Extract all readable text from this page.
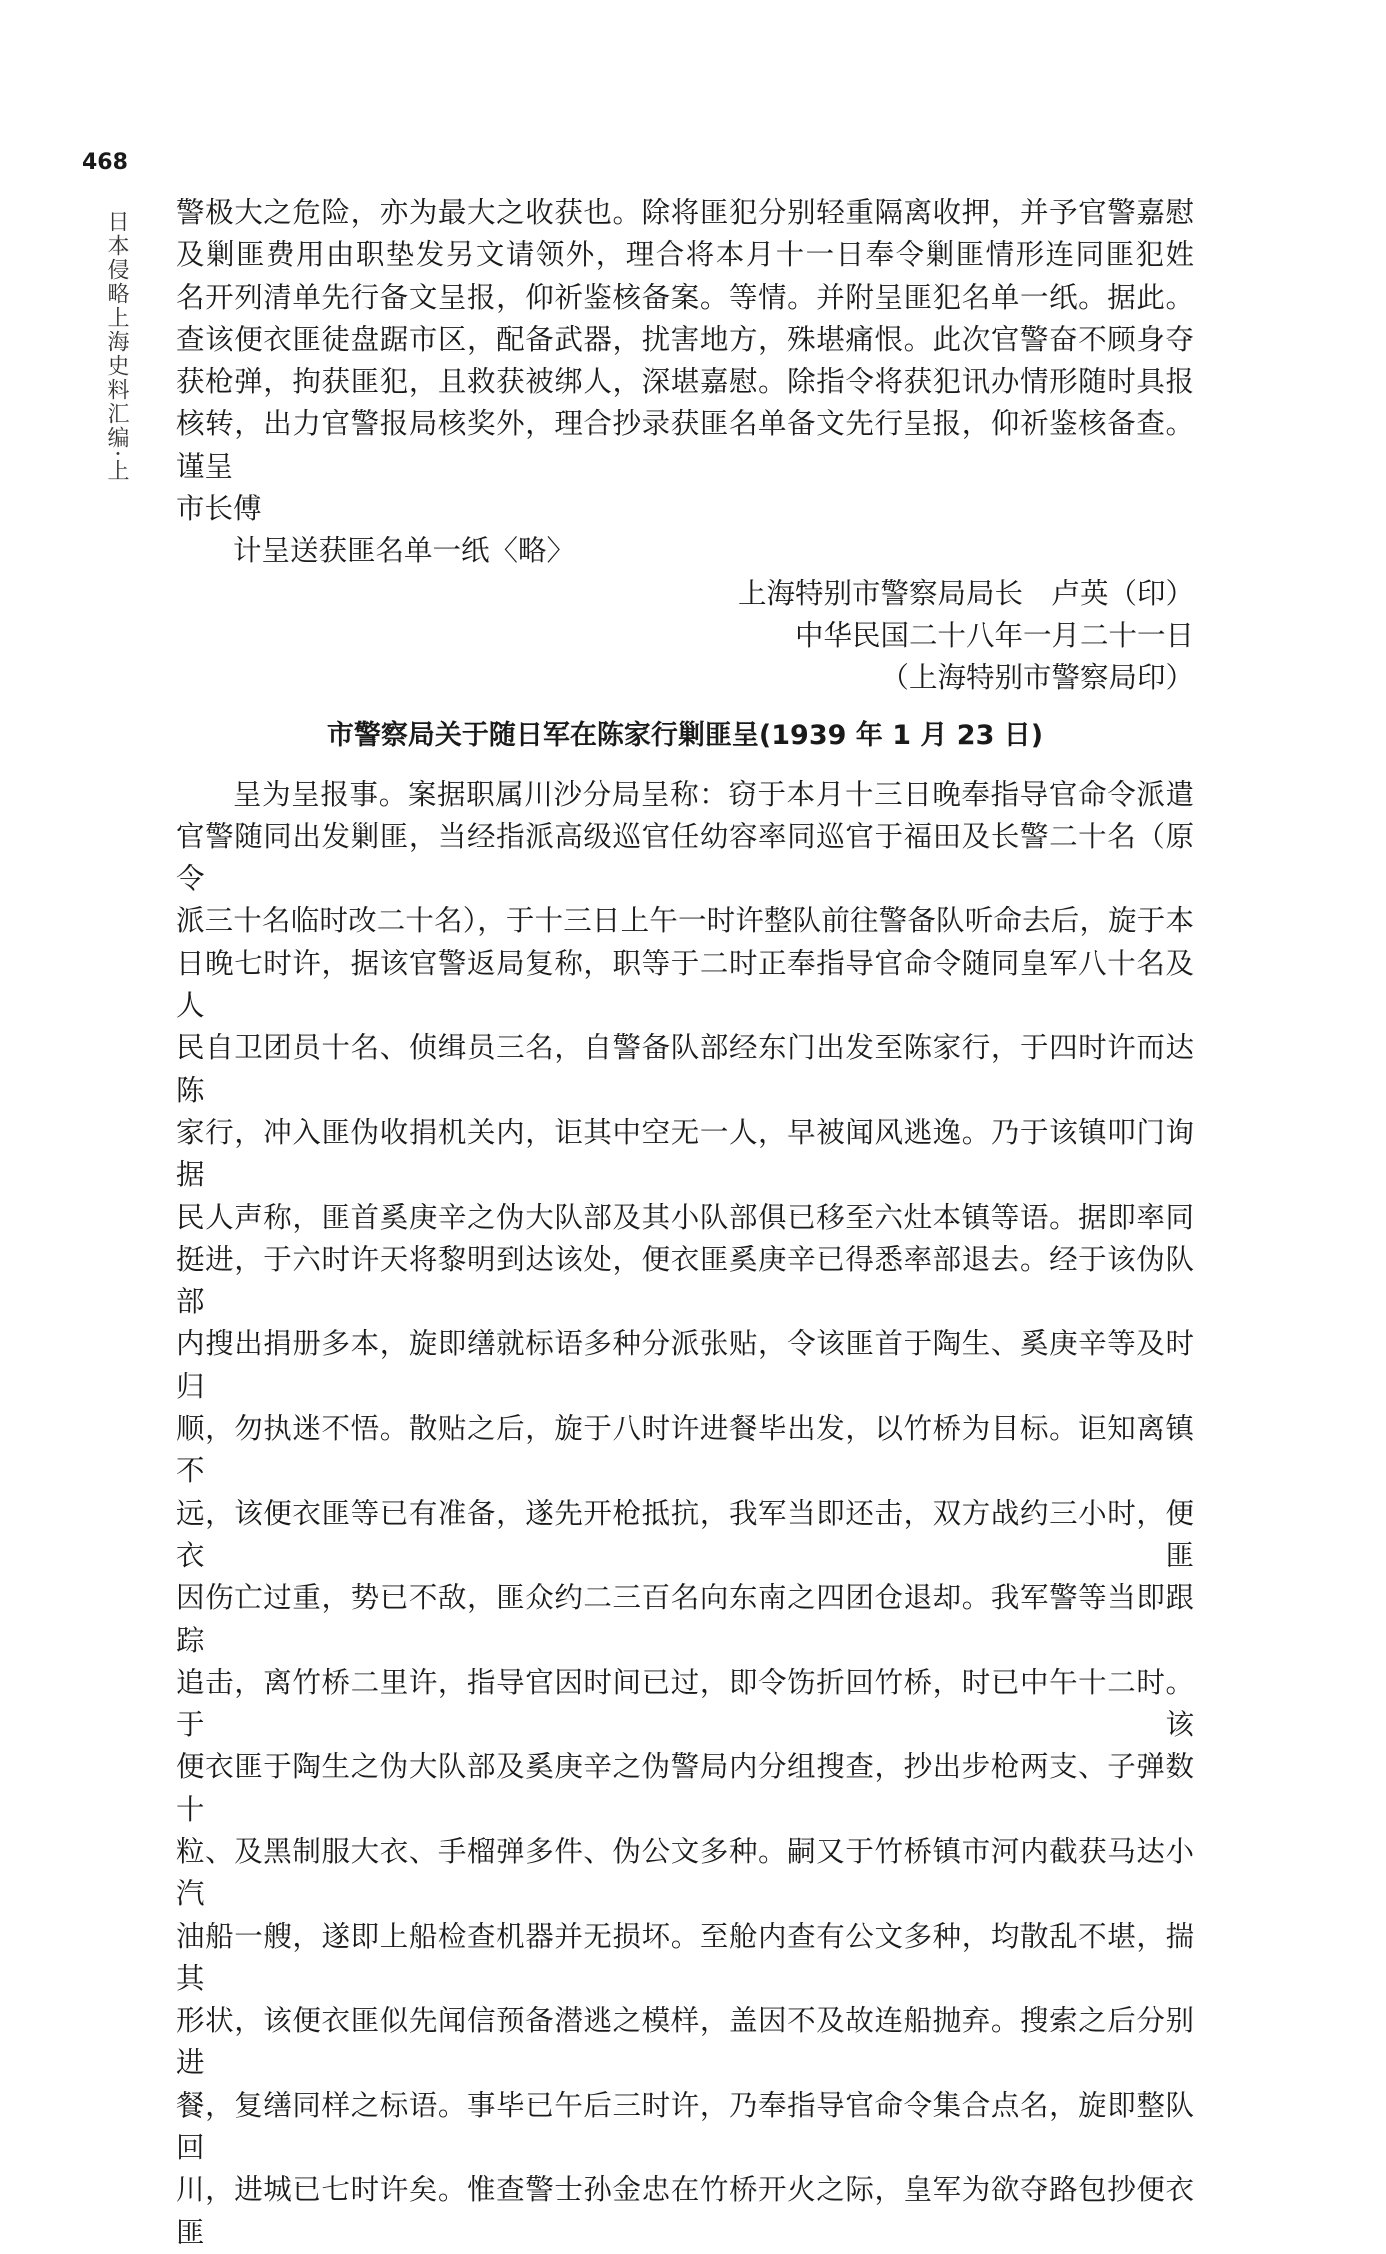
468
日本侵略上海史料汇编·上 警极大之危险，亦为最大之收获也。除将匪犯分别轻重隔离收押，并予官警嘉慰

及剿匪费用由职垫发另文请领外，理合将本月十一日奉令剿匪情形连同匪犯姓

名开列清单先行备文呈报，仰祈鉴核备案。等情。并附呈匪犯名单一纸。据此。

查该便衣匪徒盘踞市区，配备武器，扰害地方，殊堪痛恨。此次官警奋不顾身夺

获枪弹，拘获匪犯，且救获被绑人，深堪嘉慰。除指令将获犯讯办情形随时具报

核转，出力官警报局核奖外，理合抄录获匪名单备文先行呈报，仰祈鉴核备查。

谨呈

市长傅

计呈送获匪名单一纸〈略〉

上海特别市警察局局长　卢英（印）

中华民国二十八年一月二十一日

（上海特别市警察局印）

市警察局关于随日军在陈家行剿匪呈(1939 年 1 月 23 日)

呈为呈报事。案据职属川沙分局呈称：窃于本月十三日晚奉指导官命令派遣

官警随同出发剿匪，当经指派高级巡官任幼容率同巡官于福田及长警二十名（原令

派三十名临时改二十名），于十三日上午一时许整队前往警备队听命去后，旋于本

日晚七时许，据该官警返局复称，职等于二时正奉指导官命令随同皇军八十名及人

民自卫团员十名、侦缉员三名，自警备队部经东门出发至陈家行，于四时许而达陈

家行，冲入匪伪收捐机关内，讵其中空无一人，早被闻风逃逸。乃于该镇叩门询据

民人声称，匪首奚庚辛之伪大队部及其小队部俱已移至六灶本镇等语。据即率同

挺进，于六时许天将黎明到达该处，便衣匪奚庚辛已得悉率部退去。经于该伪队部

内搜出捐册多本，旋即缮就标语多种分派张贴，令该匪首于陶生、奚庚辛等及时归

顺，勿执迷不悟。散贴之后，旋于八时许进餐毕出发，以竹桥为目标。讵知离镇不

远，该便衣匪等已有准备，遂先开枪抵抗，我军当即还击，双方战约三小时，便衣匪

因伤亡过重，势已不敌，匪众约二三百名向东南之四团仓退却。我军警等当即跟踪

追击，离竹桥二里许，指导官因时间已过，即令饬折回竹桥，时已中午十二时。于该

便衣匪于陶生之伪大队部及奚庚辛之伪警局内分组搜查，抄出步枪两支、子弹数十

粒、及黑制服大衣、手榴弹多件、伪公文多种。嗣又于竹桥镇市河内截获马达小汽

油船一艘，遂即上船检查机器并无损坏。至舱内查有公文多种，均散乱不堪，揣其

形状，该便衣匪似先闻信预备潜逃之模样，盖因不及故连船抛弃。搜索之后分别进

餐，复缮同样之标语。事毕已午后三时许，乃奉指导官命令集合点名，旋即整队回

川，进城已七时许矣。惟查警士孙金忠在竹桥开火之际，皇军为欲夺路包抄便衣匪
